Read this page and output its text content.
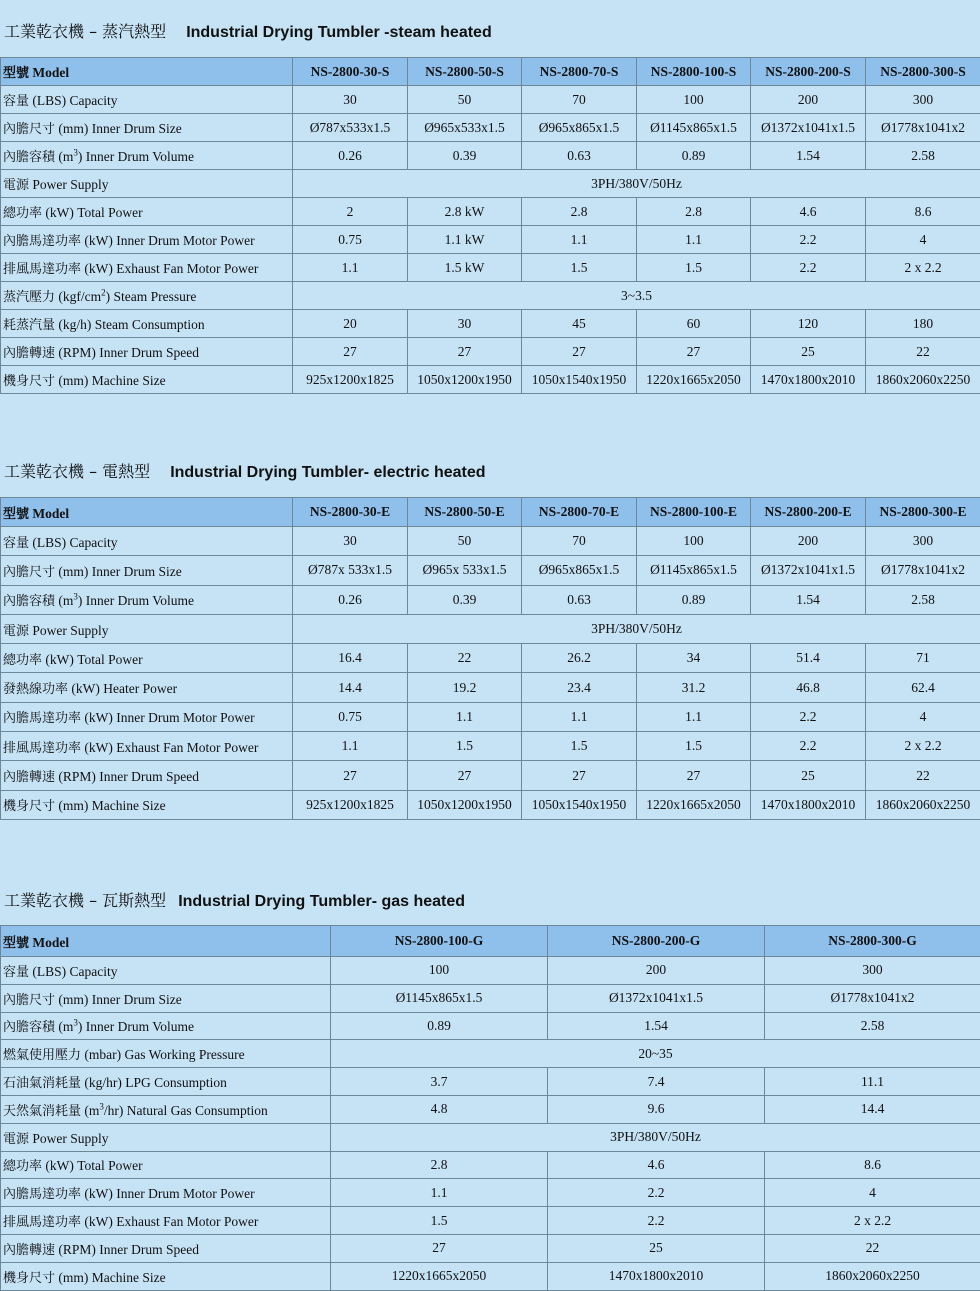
工業乾衣機 – 蒸汽熱型 Industrial Drying Tumbler -steam heated
型號 Model	NS-2800-30-S	NS-2800-50-S	NS-2800-70-S	NS-2800-100-S	NS-2800-200-S	NS-2800-300-S
容量 (LBS) Capacity	30	50	70	100	200	300
內膽尺寸 (mm) Inner Drum Size	Ø787x533x1.5	Ø965x533x1.5	Ø965x865x1.5	Ø1145x865x1.5	Ø1372x1041x1.5	Ø1778x1041x2
內膽容積 $(m^3)$ Inner Drum Volume	0.26	0.39	0.63	0.89	1.54	2.58
電源 Power Supply	3PH/380V/50Hz					
總功率 (kW) Total Power	2	2.8 kW	2.8	2.8	4.6	8.6
內膽馬達功率 (kW) Inner Drum Motor Power	0.75	1.1 kW	1.1	1.1	2.2	4
排風馬達功率 (kW) Exhaust Fan Motor Power	1.1	1.5 kW	1.5	1.5	2.2	2 x 2.2
蒸汽壓力 $(kgf/cm^2)$ Steam Pressure	3~3.5					
耗蒸汽量 (kg/h) Steam Consumption	20	30	45	60	120	180
內膽轉速 (RPM) Inner Drum Speed	27	27	27	27	25	22
機身尺寸 (mm) Machine Size	925x1200x1825	1050x1200x1950	1050x1540x1950	1220x1665x2050	1470x1800x2010	1860x2060x2250
工業乾衣機 – 電熱型 Industrial Drying Tumbler- electric heated
型號 Model	NS-2800-30-E	NS-2800-50-E	NS-2800-70-E	NS-2800-100-E	NS-2800-200-E	NS-2800-300-E
容量 (LBS) Capacity	30	50	70	100	200	300
內膽尺寸 (mm) Inner Drum Size	Ø787x 533x1.5	Ø965x 533x1.5	Ø965x865x1.5	Ø1145x865x1.5	Ø1372x1041x1.5	Ø1778x1041x2
內膽容積 $(m^3)$ Inner Drum Volume	0.26	0.39	0.63	0.89	1.54	2.58
電源 Power Supply	3PH/380V/50Hz					
總功率 (kW) Total Power	16.4	22	26.2	34	51.4	71
發熱線功率 (kW) Heater Power	14.4	19.2	23.4	31.2	46.8	62.4
內膽馬達功率 (kW) Inner Drum Motor Power	0.75	1.1	1.1	1.1	2.2	4
排風馬達功率 (kW) Exhaust Fan Motor Power	1.1	1.5	1.5	1.5	2.2	2 x 2.2
內膽轉速 (RPM) Inner Drum Speed	27	27	27	27	25	22
機身尺寸 (mm) Machine Size	925x1200x1825	1050x1200x1950	1050x1540x1950	1220x1665x2050	1470x1800x2010	1860x2060x2250
工業乾衣機 – 瓦斯熱型 Industrial Drying Tumbler- gas heated
型號 Model	NS-2800-100-G	NS-2800-200-G	NS-2800-300-G
容量 (LBS) Capacity	100	200	300
內膽尺寸 (mm) Inner Drum Size	Ø1145x865x1.5	Ø1372x1041x1.5	Ø1778x1041x2
內膽容積 $(m^3)$ Inner Drum Volume	0.89	1.54	2.58
燃氣使用壓力 (mbar) Gas Working Pressure	20~35		
石油氣消耗量 (kg/hr) LPG Consumption	3.7	7.4	11.1
天然氣消耗量 $(m^3/hr)$ Natural Gas Consumption	4.8	9.6	14.4
電源 Power Supply	3PH/380V/50Hz		
總功率 (kW) Total Power	2.8	4.6	8.6
內膽馬達功率 (kW) Inner Drum Motor Power	1.1	2.2	4
排風馬達功率 (kW) Exhaust Fan Motor Power	1.5	2.2	2 x 2.2
內膽轉速 (RPM) Inner Drum Speed	27	25	22
機身尺寸 (mm) Machine Size	1220x1665x2050	1470x1800x2010	1860x2060x2250
